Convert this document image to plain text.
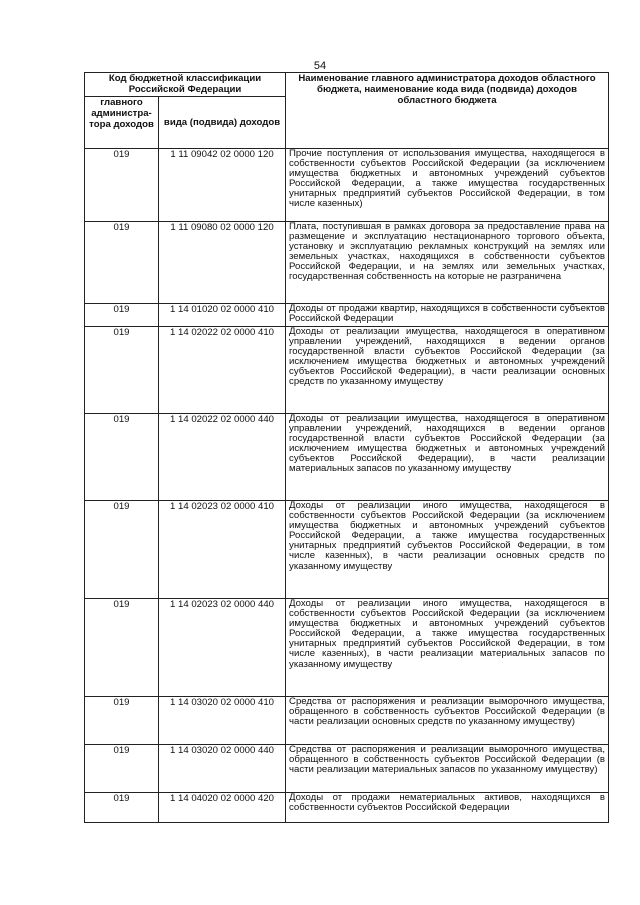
54
Код бюджетной классификации Российской Федерации		Наименование главного администратора доходов областного бюджета, наименование кода вида (подвида) доходов областного бюджета
главного администра-тора доходов	вида (подвида) доходов	
019	1 11 09042 02 0000 120	Прочие поступления от использования имущества, находящегося в собственности субъектов Российской Федерации (за исключением имущества бюджетных и автономных учреждений субъектов Российской Федерации, а также имущества государственных унитарных предприятий субъектов Российской Федерации, в том числе казенных)
019	1 11 09080 02 0000 120	Плата, поступившая в рамках договора за предоставление права на размещение и эксплуатацию нестационарного торгового объекта, установку и эксплуатацию рекламных конструкций на землях или земельных участках, находящихся в собственности субъектов Российской Федерации, и на землях или земельных участках, государственная собственность на которые не разграничена
019	1 14 01020 02 0000 410	Доходы от продажи квартир, находящихся в собственности субъектов Российской Федерации
019	1 14 02022 02 0000 410	Доходы от реализации имущества, находящегося в оперативном управлении учреждений, находящихся в ведении органов государственной власти субъектов Российской Федерации (за исключением имущества бюджетных и автономных учреждений субъектов Российской Федерации), в части реализации основных средств по указанному имуществу
019	1 14 02022 02 0000 440	Доходы от реализации имущества, находящегося в оперативном управлении учреждений, находящихся в ведении органов государственной власти субъектов Российской Федерации (за исключением имущества бюджетных и автономных учреждений субъектов Российской Федерации), в части реализации материальных запасов по указанному имуществу
019	1 14 02023 02 0000 410	Доходы от реализации иного имущества, находящегося в собственности субъектов Российской Федерации (за исключением имущества бюджетных и автономных учреждений субъектов Российской Федерации, а также имущества государственных унитарных предприятий субъектов Российской Федерации, в том числе казенных), в части реализации основных средств по указанному имуществу
019	1 14 02023 02 0000 440	Доходы от реализации иного имущества, находящегося в собственности субъектов Российской Федерации (за исключением имущества бюджетных и автономных учреждений субъектов Российской Федерации, а также имущества государственных унитарных предприятий субъектов Российской Федерации, в том числе казенных), в части реализации материальных запасов по указанному имуществу
019	1 14 03020 02 0000 410	Средства от распоряжения и реализации выморочного имущества, обращенного в собственность субъектов Российской Федерации (в части реализации основных средств по указанному имуществу)
019	1 14 03020 02 0000 440	Средства от распоряжения и реализации выморочного имущества, обращенного в собственность субъектов Российской Федерации (в части реализации материальных запасов по указанному имуществу)
019	1 14 04020 02 0000 420	Доходы от продажи нематериальных активов, находящихся в собственности субъектов Российской Федерации
